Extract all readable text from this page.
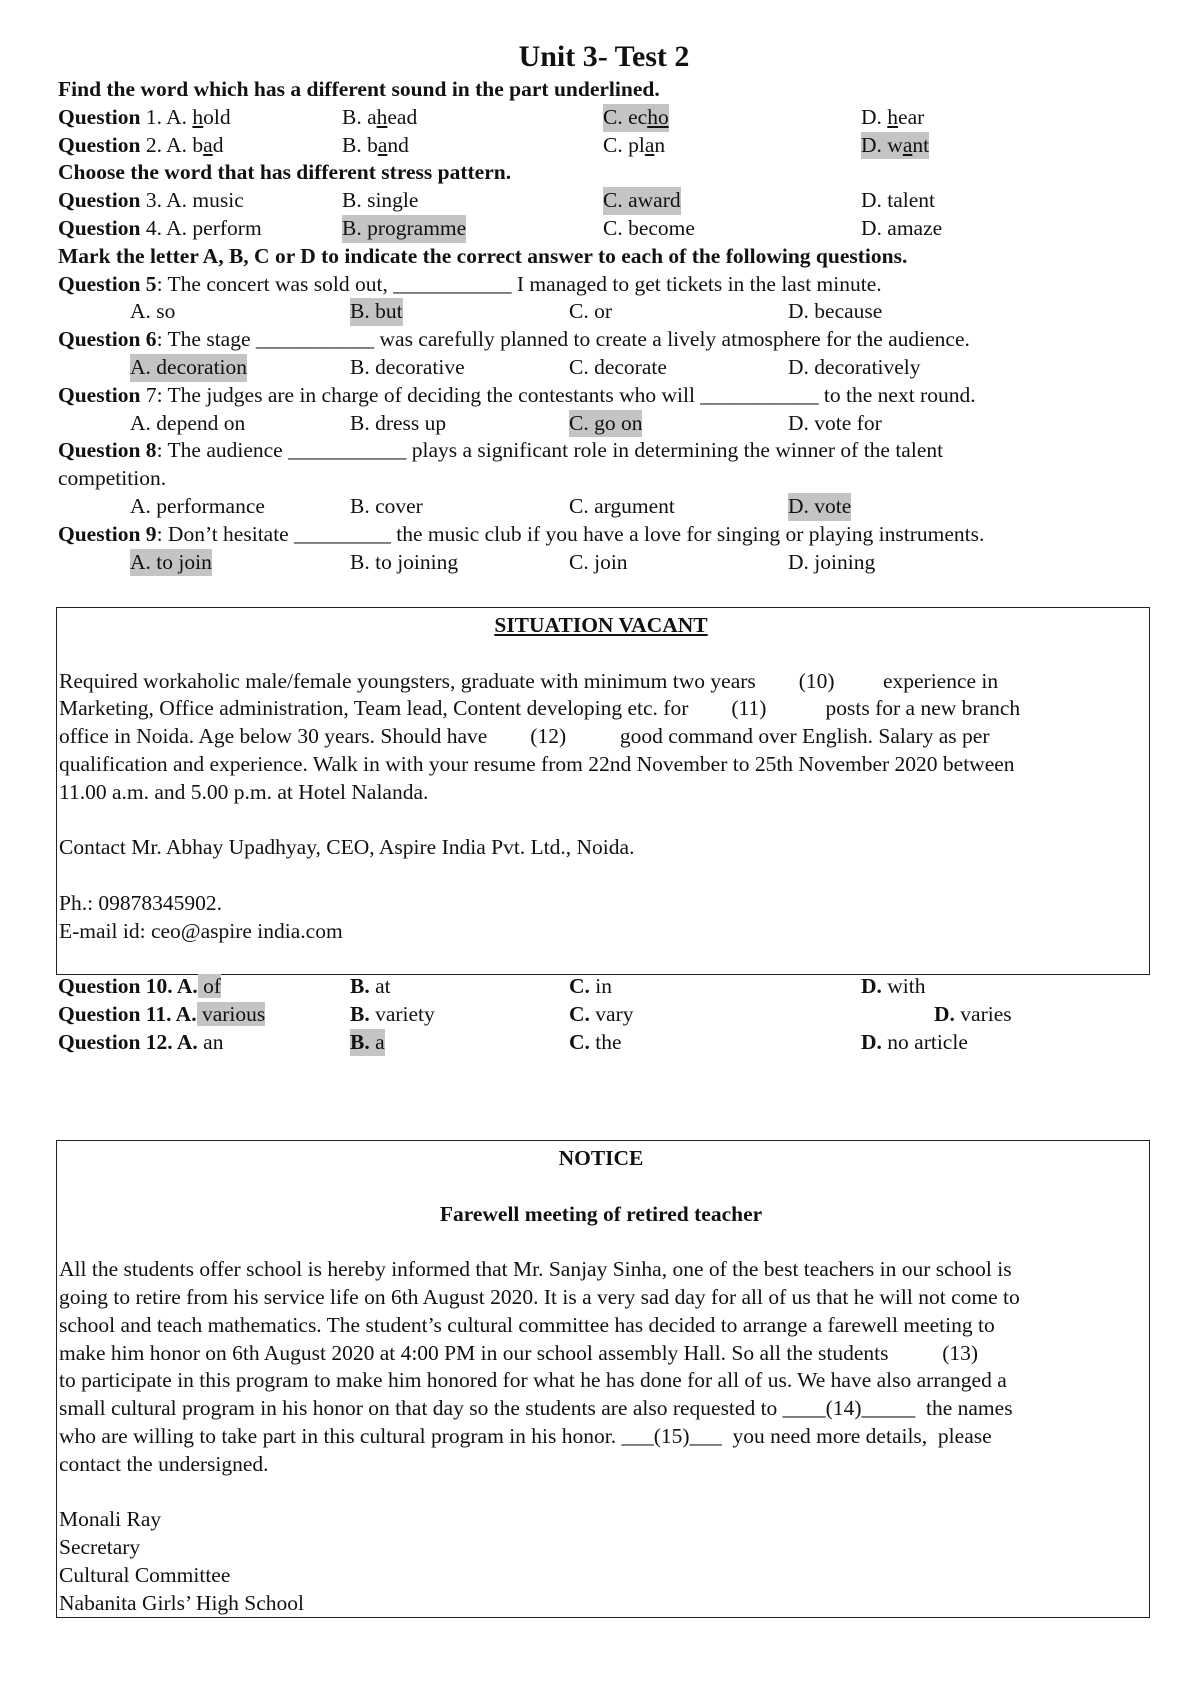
Unit 3- Test 2
Find the word which has a different sound in the part underlined.
Question 1. A. hold	B. ahead	C. echo	D. hear
Question 2. A. bad	B. band	C. plan	D. want
Choose the word that has different stress pattern.
Question 3. A. music	B. single	C. award	D. talent
Question 4. A. perform	B. programme	C. become	D. amaze
Mark the letter A, B, C or D to indicate the correct answer to each of the following questions.
Question 5: The concert was sold out, ___________ I managed to get tickets in the last minute.
A. so	B. but	C. or	D. because
Question 6: The stage ___________ was carefully planned to create a lively atmosphere for the audience.
A. decoration	B. decorative	C. decorate	D. decoratively
Question 7: The judges are in charge of deciding the contestants who will ___________ to the next round.
A. depend on	B. dress up	C. go on	D. vote for
Question 8: The audience ___________ plays a significant role in determining the winner of the talent
competition.
A. performance	B. cover	C. argument	D. vote
Question 9: Don’t hesitate _________ the music club if you have a love for singing or playing instruments.
A. to join	B. to joining	C. join	D. joining
SITUATION VACANT
Required workaholic male/female youngsters, graduate with minimum two years        (10)         experience in
Marketing, Office administration, Team lead, Content developing etc. for        (11)           posts for a new branch
office in Noida. Age below 30 years. Should have        (12)          good command over English. Salary as per
qualification and experience. Walk in with your resume from 22nd November to 25th November 2020 between
11.00 a.m. and 5.00 p.m. at Hotel Nalanda.
Contact Mr. Abhay Upadhyay, CEO, Aspire India Pvt. Ltd., Noida.
Ph.: 09878345902.
E-mail id: ceo@aspire india.com
Question 10. A. of	B. at	C. in	D. with
Question 11. A. various	B. variety	C. vary	D. varies
Question 12. A. an	B. a	C. the	D. no article
NOTICE
Farewell meeting of retired teacher
All the students offer school is hereby informed that Mr. Sanjay Sinha, one of the best teachers in our school is
going to retire from his service life on 6th August 2020. It is a very sad day for all of us that he will not come to
school and teach mathematics. The student’s cultural committee has decided to arrange a farewell meeting to
make him honor on 6th August 2020 at 4:00 PM in our school assembly Hall. So all the students          (13)
to participate in this program to make him honored for what he has done for all of us. We have also arranged a
small cultural program in his honor on that day so the students are also requested to ____(14)_____  the names
who are willing to take part in this cultural program in his honor. ___(15)___  you need more details,  please
contact the undersigned.
Monali Ray
Secretary
Cultural Committee
Nabanita Girls’ High School
